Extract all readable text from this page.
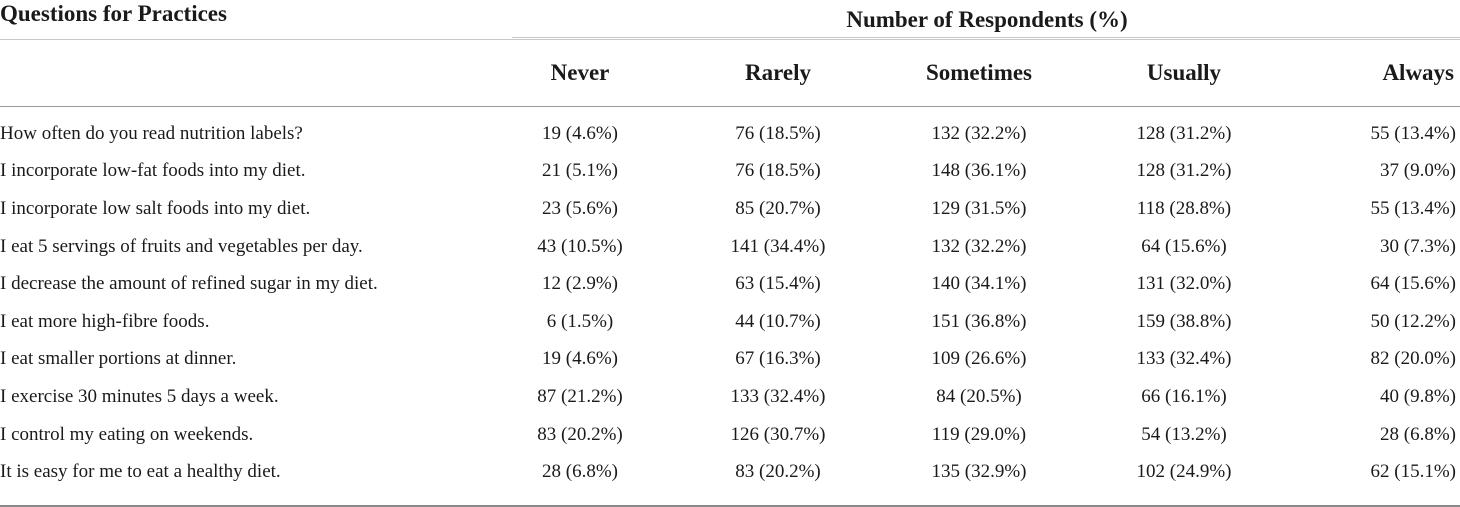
Questions for Practices	Number of Respondents (%)				
	Never	Rarely	Sometimes	Usually	Always

How often do you read nutrition labels?	19 (4.6%)	76 (18.5%)	132 (32.2%)	128 (31.2%)	55 (13.4%)
I incorporate low-fat foods into my diet.	21 (5.1%)	76 (18.5%)	148 (36.1%)	128 (31.2%)	37 (9.0%)
I incorporate low salt foods into my diet.	23 (5.6%)	85 (20.7%)	129 (31.5%)	118 (28.8%)	55 (13.4%)
I eat 5 servings of fruits and vegetables per day.	43 (10.5%)	141 (34.4%)	132 (32.2%)	64 (15.6%)	30 (7.3%)
I decrease the amount of refined sugar in my diet.	12 (2.9%)	63 (15.4%)	140 (34.1%)	131 (32.0%)	64 (15.6%)
I eat more high-fibre foods.	6 (1.5%)	44 (10.7%)	151 (36.8%)	159 (38.8%)	50 (12.2%)
I eat smaller portions at dinner.	19 (4.6%)	67 (16.3%)	109 (26.6%)	133 (32.4%)	82 (20.0%)
I exercise 30 minutes 5 days a week.	87 (21.2%)	133 (32.4%)	84 (20.5%)	66 (16.1%)	40 (9.8%)
I control my eating on weekends.	83 (20.2%)	126 (30.7%)	119 (29.0%)	54 (13.2%)	28 (6.8%)
It is easy for me to eat a healthy diet.	28 (6.8%)	83 (20.2%)	135 (32.9%)	102 (24.9%)	62 (15.1%)
